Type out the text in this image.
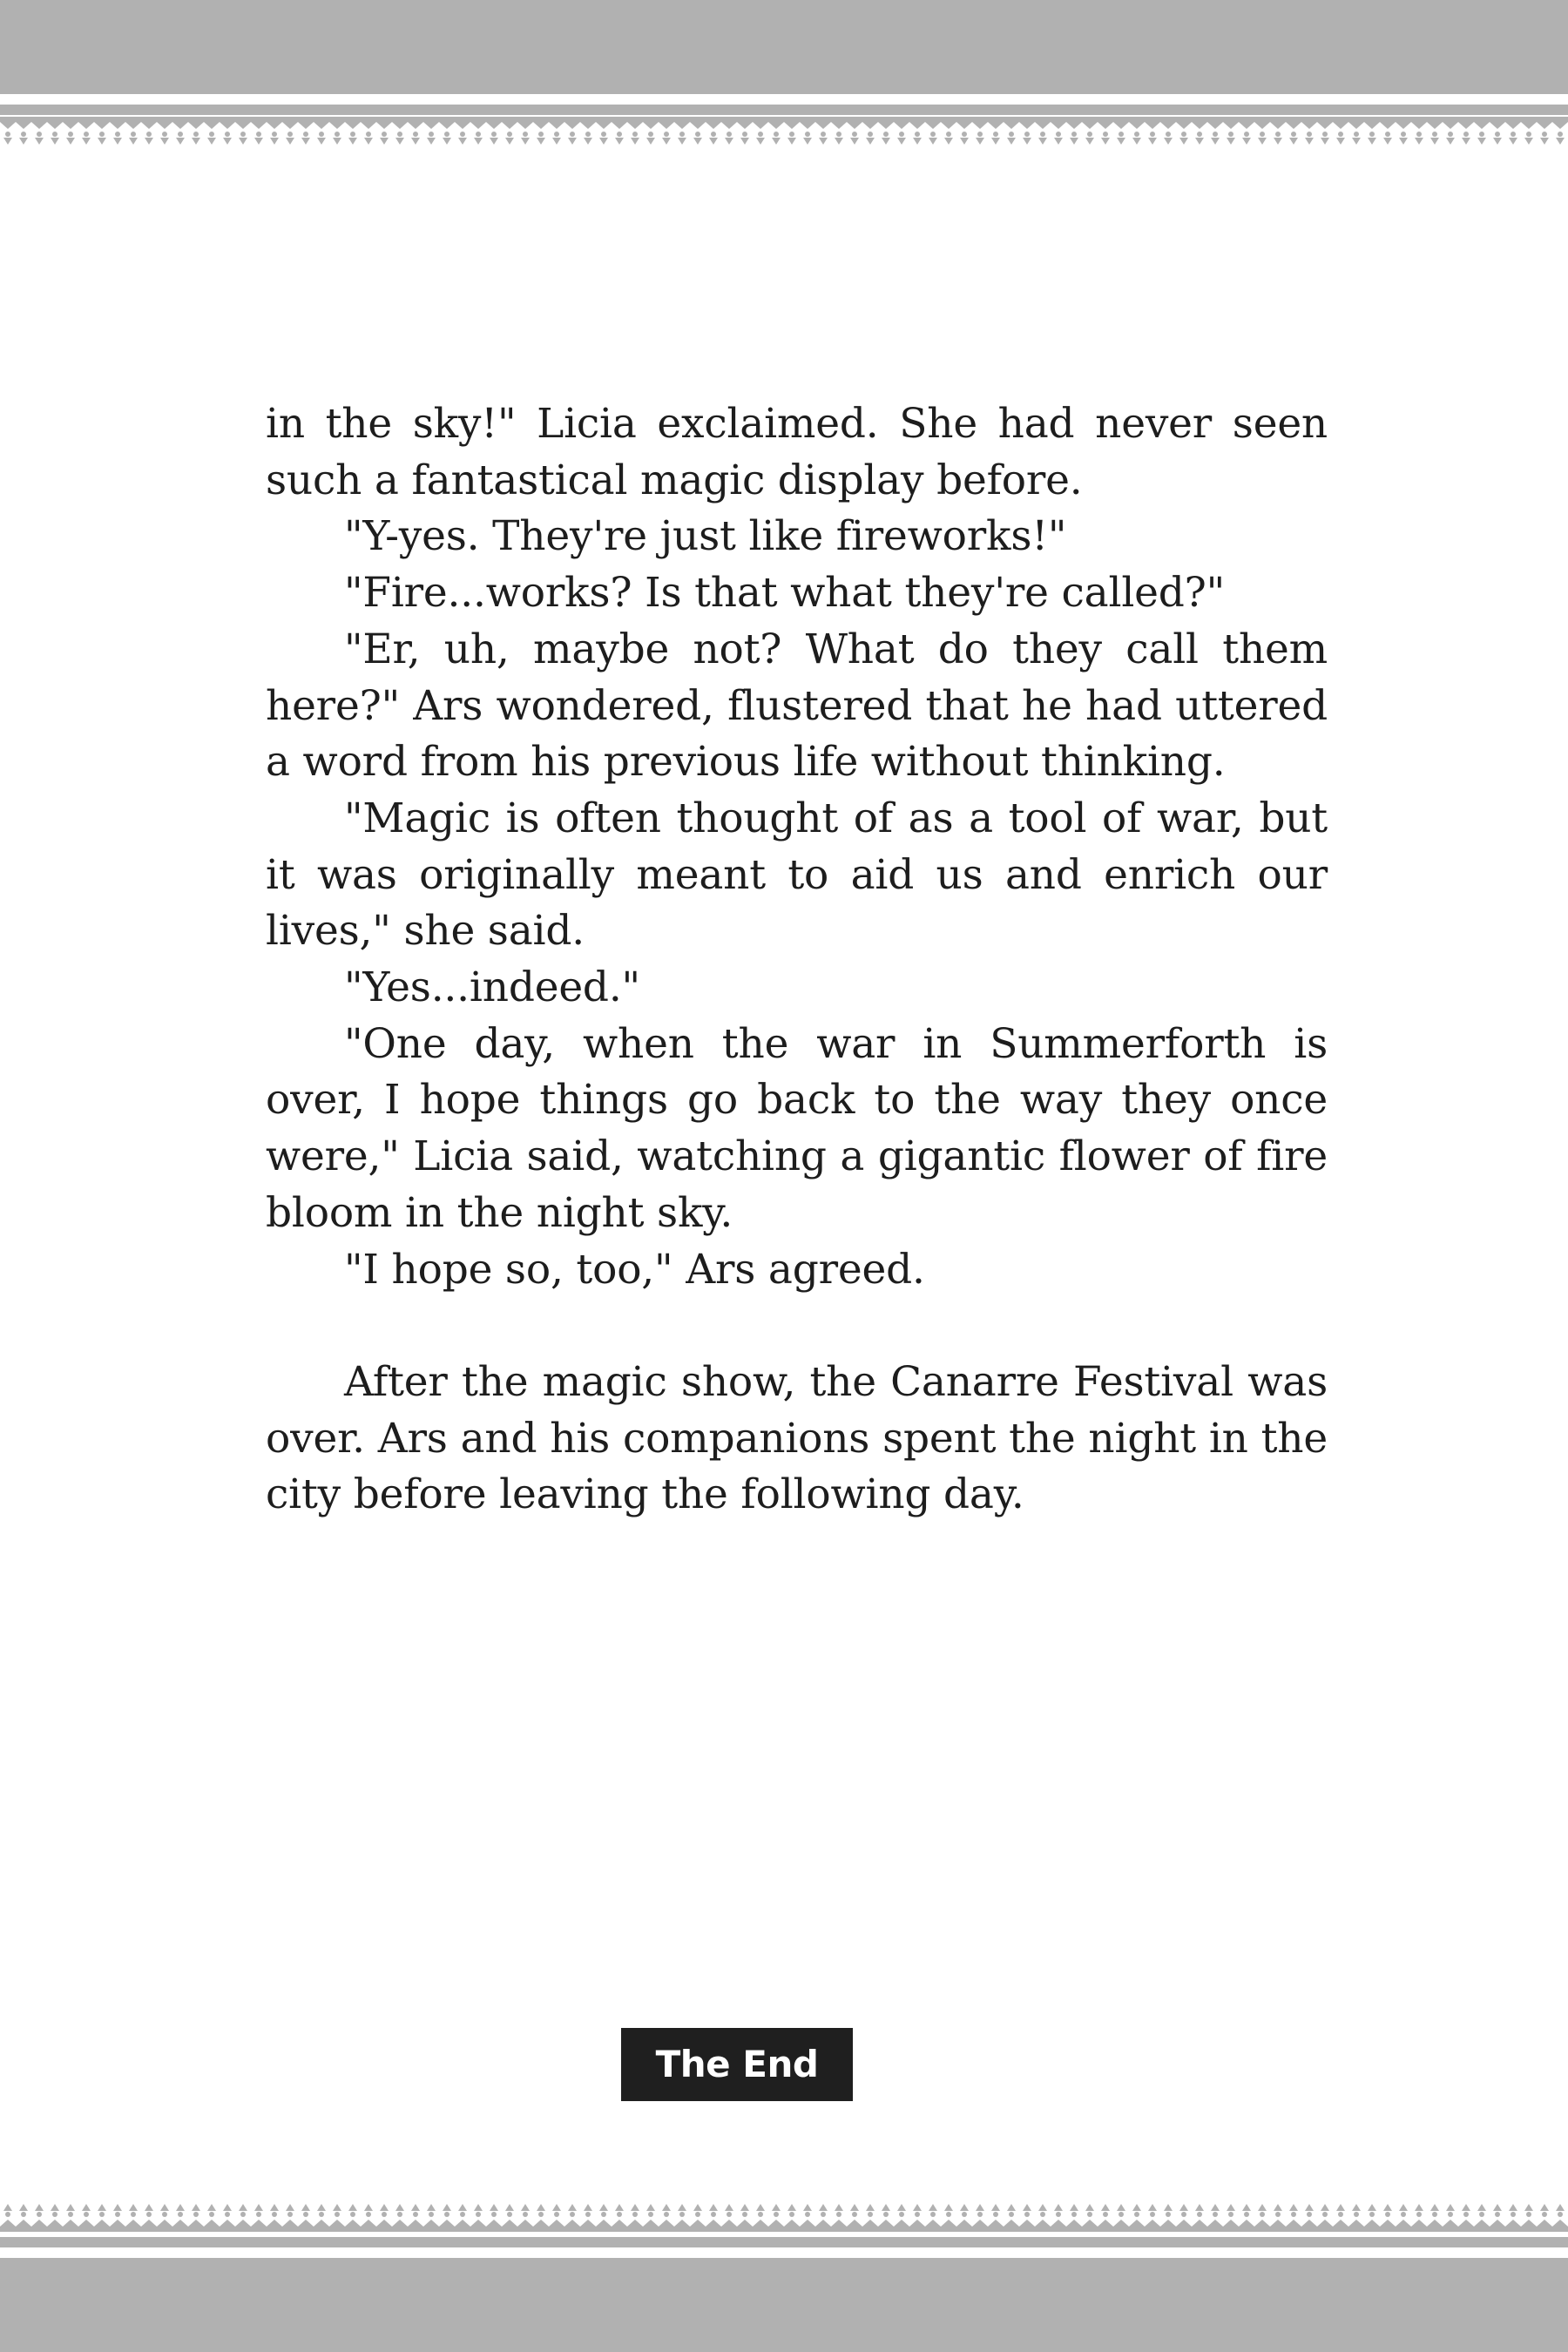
in the sky!" Licia exclaimed. She had never seen such a fantastical magic display before.

"Y-yes. They're just like fireworks!"

"Fire...works? Is that what they're called?"

"Er, uh, maybe not? What do they call them here?" Ars wondered, flustered that he had uttered a word from his previous life without thinking.

"Magic is often thought of as a tool of war, but it was originally meant to aid us and enrich our lives," she said.

"Yes...indeed."

"One day, when the war in Summerforth is over, I hope things go back to the way they once were," Licia said, watching a gigantic flower of fire bloom in the night sky.

"I hope so, too," Ars agreed.

After the magic show, the Canarre Festival was over. Ars and his companions spent the night in the city before leaving the following day.

The End
